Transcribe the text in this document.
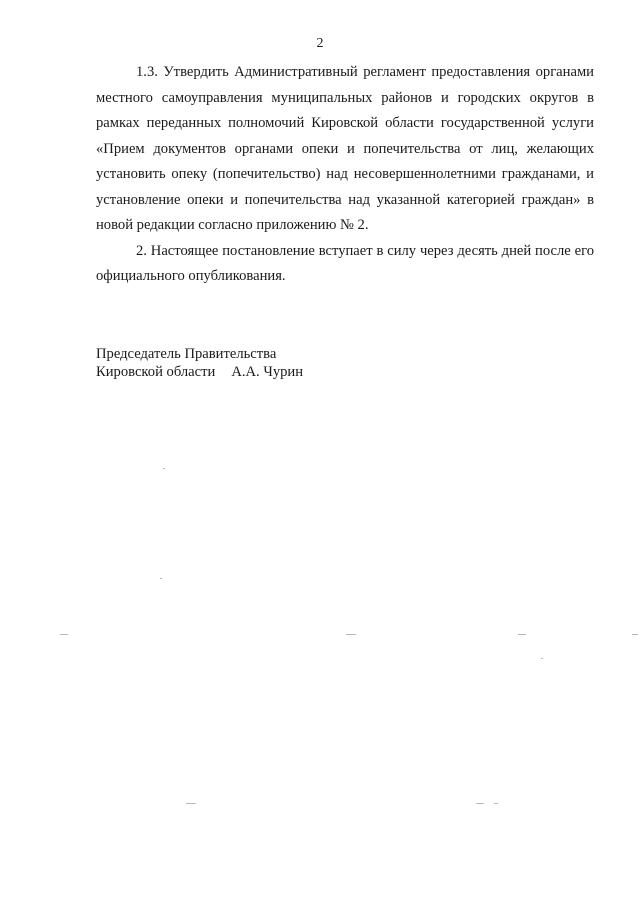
2

1.3. Утвердить Административный регламент предоставления органами местного самоуправления муниципальных районов и городских округов в рамках переданных полномочий Кировской области государственной услуги «Прием документов органами опеки и попечительства от лиц, желающих установить опеку (попечительство) над несовершеннолетними гражданами, и установление опеки и попечительства над указанной категорией граждан» в новой редакции согласно приложению № 2.

2. Настоящее постановление вступает в силу через десять дней после его официального опубликования.

Председатель Правительства
Кировской области А.А. Чурин
